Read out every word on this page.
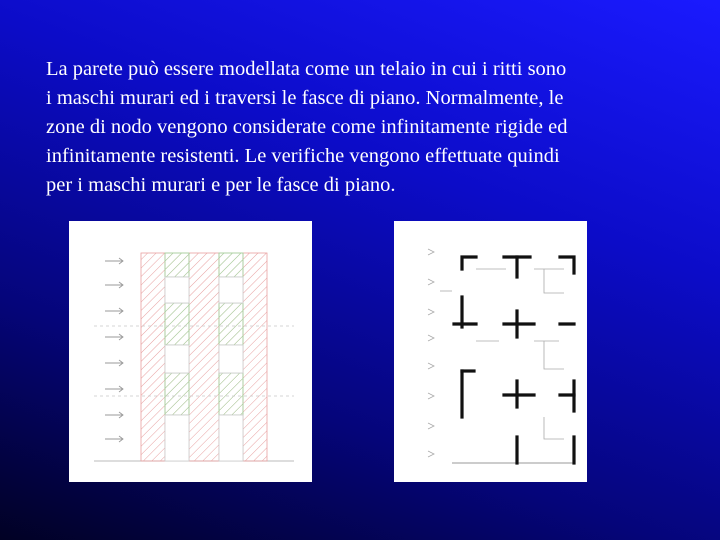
La parete può essere modellata come un telaio in cui i ritti sono
i maschi murari ed i traversi le fasce di piano. Normalmente, le
zone di nodo vengono considerate come infinitamente rigide ed
infinitamente resistenti. Le verifiche vengono effettuate quindi
per i maschi murari e per le fasce di piano.
